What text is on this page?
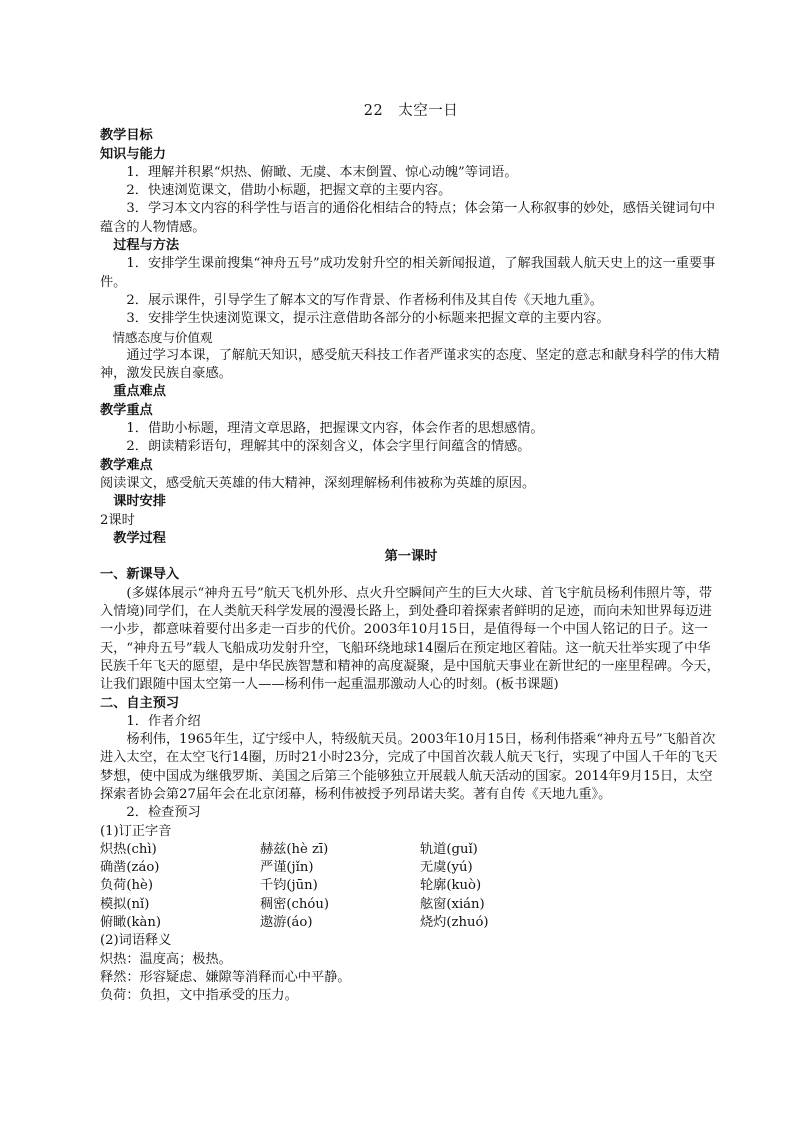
22　太空一日
教学目标
知识与能力
1．理解并积累“炽热、俯瞰、无虞、本末倒置、惊心动魄”等词语。
2．快速浏览课文，借助小标题，把握文章的主要内容。
3．学习本文内容的科学性与语言的通俗化相结合的特点；体会第一人称叙事的妙处，感悟关键词句中蕴含的人物情感。
过程与方法
1．安排学生课前搜集“神舟五号”成功发射升空的相关新闻报道，了解我国载人航天史上的这一重要事件。
2．展示课件，引导学生了解本文的写作背景、作者杨利伟及其自传《天地九重》。
3．安排学生快速浏览课文，提示注意借助各部分的小标题来把握文章的主要内容。
情感态度与价值观
通过学习本课，了解航天知识，感受航天科技工作者严谨求实的态度、坚定的意志和献身科学的伟大精神，激发民族自豪感。
重点难点
教学重点
1．借助小标题，理清文章思路，把握课文内容，体会作者的思想感情。
2．朗读精彩语句，理解其中的深刻含义，体会字里行间蕴含的情感。
教学难点
阅读课文，感受航天英雄的伟大精神，深刻理解杨利伟被称为英雄的原因。
课时安排
2课时
教学过程
第一课时
一、新课导入
(多媒体展示“神舟五号”航天飞机外形、点火升空瞬间产生的巨大火球、首飞宇航员杨利伟照片等，带入情境)同学们，在人类航天科学发展的漫漫长路上，到处叠印着探索者鲜明的足迹，而向未知世界每迈进一小步，都意味着要付出多走一百步的代价。2003年10月15日，是值得每一个中国人铭记的日子。这一天，“神舟五号”载人飞船成功发射升空，飞船环绕地球14圈后在预定地区着陆。这一航天壮举实现了中华民族千年飞天的愿望，是中华民族智慧和精神的高度凝聚，是中国航天事业在新世纪的一座里程碑。今天，让我们跟随中国太空第一人——杨利伟一起重温那激动人心的时刻。(板书课题)
二、自主预习
1．作者介绍
杨利伟，1965年生，辽宁绥中人，特级航天员。2003年10月15日，杨利伟搭乘“神舟五号”飞船首次进入太空，在太空飞行14圈，历时21小时23分，完成了中国首次载人航天飞行，实现了中国人千年的飞天梦想，使中国成为继俄罗斯、美国之后第三个能够独立开展载人航天活动的国家。2014年9月15日，太空探索者协会第27届年会在北京闭幕，杨利伟被授予列昂诺夫奖。著有自传《天地九重》。
2．检查预习
(1)订正字音
炽热(chì)	赫兹(hè zī)	轨道(guǐ)
确凿(záo)	严谨(jǐn)	无虞(yú)
负荷(hè)	千钧(jūn)	轮廓(kuò)
模拟(nǐ)	稠密(chóu)	舷窗(xián)
俯瞰(kàn)	遨游(áo)	烧灼(zhuó)
(2)词语释义
炽热：温度高；极热。
释然：形容疑虑、嫌隙等消释而心中平静。
负荷：负担，文中指承受的压力。
